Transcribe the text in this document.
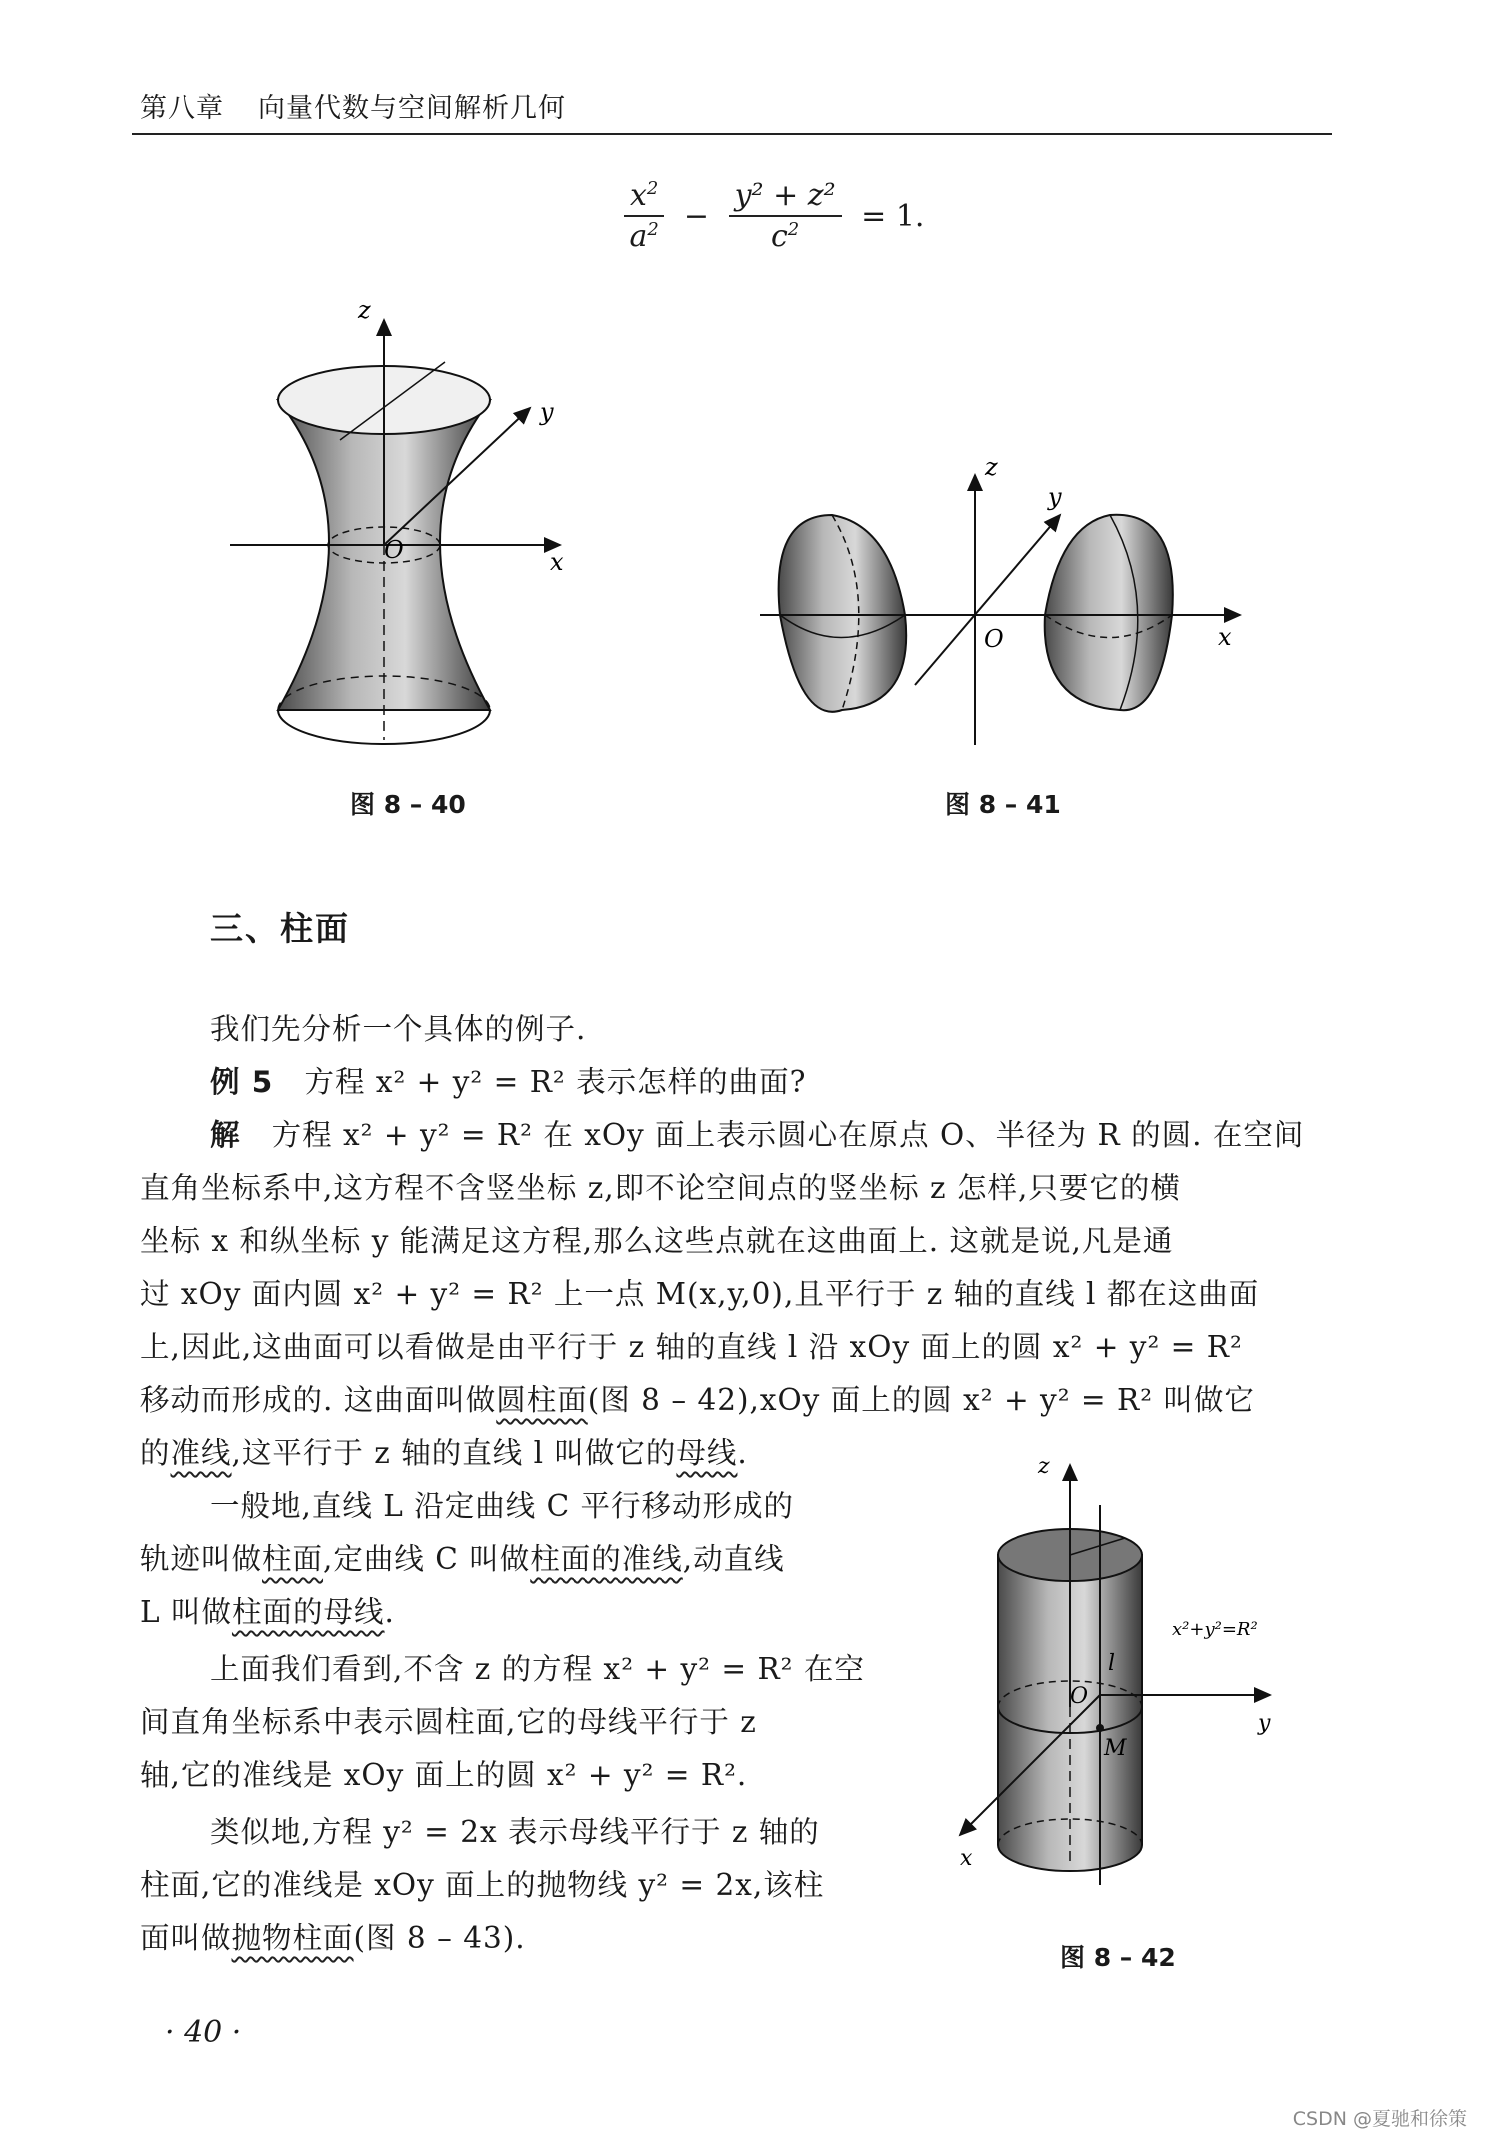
第八章 向量代数与空间解析几何
$\frac{x^2}{a^2} - \frac{\text{y² + z²}}{c^2} = 1$.
z
y
x
O
图 8 – 40
z
y
x
O
图 8 – 41
三、柱面
我们先分析一个具体的例子.
例 5 方程 x² + y² = R² 表示怎样的曲面?
解 方程 x² + y² = R² 在 xOy 面上表示圆心在原点 O、半径为 R 的圆. 在空间
直角坐标系中,这方程不含竖坐标 z,即不论空间点的竖坐标 z 怎样,只要它的横
坐标 x 和纵坐标 y 能满足这方程,那么这些点就在这曲面上. 这就是说,凡是通
过 xOy 面内圆 x² + y² = R² 上一点 M(x,y,0),且平行于 z 轴的直线 l 都在这曲面
上,因此,这曲面可以看做是由平行于 z 轴的直线 l 沿 xOy 面上的圆 x² + y² = R²
移动而形成的. 这曲面叫做圆柱面(图 8 – 42),xOy 面上的圆 x² + y² = R² 叫做它
的准线,这平行于 z 轴的直线 l 叫做它的母线.
一般地,直线 L 沿定曲线 C 平行移动形成的
轨迹叫做柱面,定曲线 C 叫做柱面的准线,动直线
L 叫做柱面的母线.
上面我们看到,不含 z 的方程 x² + y² = R² 在空
间直角坐标系中表示圆柱面,它的母线平行于 z
轴,它的准线是 xOy 面上的圆 x² + y² = R².
类似地,方程 y² = 2x 表示母线平行于 z 轴的
柱面,它的准线是 xOy 面上的抛物线 y² = 2x,该柱
面叫做抛物柱面(图 8 – 43).
z
y
x
O
l
M
x²+y²=R²
图 8 – 42
· 40 ·
CSDN @夏驰和徐策
